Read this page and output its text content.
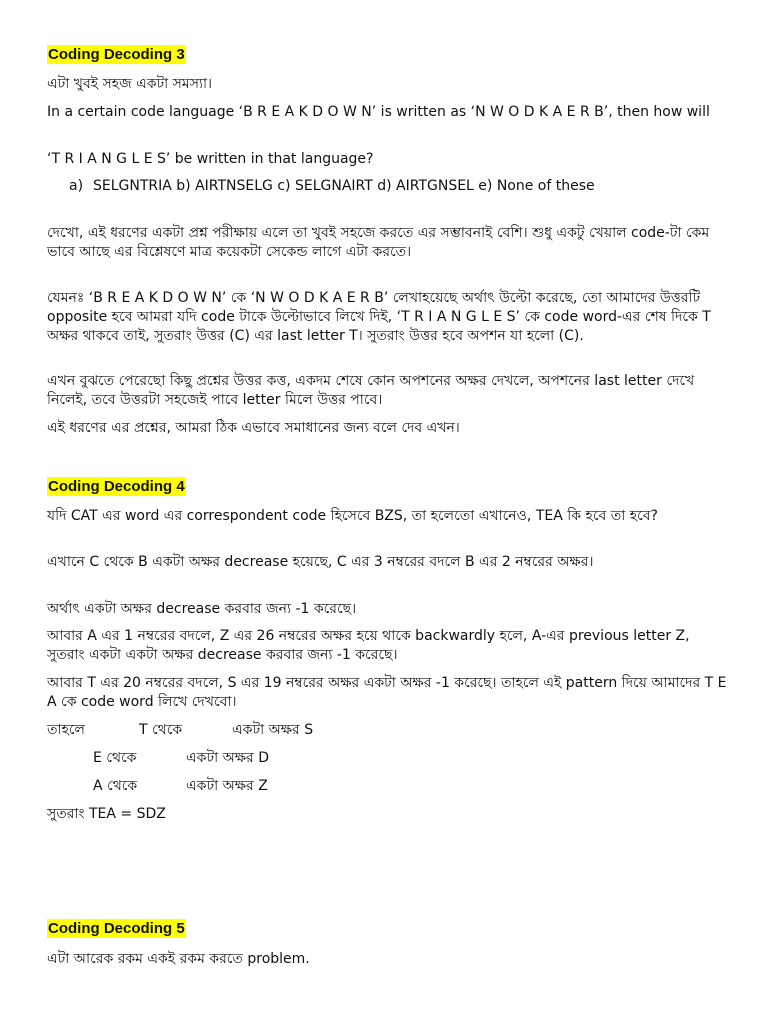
Coding Decoding 3

এটা খুবই সহজ একটা সমস্যা।

In a certain code language ‘B R E A K D O W N’ is written as ‘N W O D K A E R B’, then how will

‘T R I A N G L E S’ be written in that language?

a) SELGNTRIA b) AIRTNSELG c) SELGNAIRT d) AIRTGNSEL e) None of these

দেখো, এই ধরণের একটা প্রশ্ন পরীক্ষায় এলে তা খুবই সহজে করতে এর সম্ভাবনাই বেশি। শুধু একটু খেয়াল code-টা কেম ভাবে আছে এর বিশ্লেষণে মাত্র কয়েকটা সেকেন্ড লাগে এটা করতে।

যেমনঃ ‘B R E A K D O W N’ কে ‘N W O D K A E R B’ লেখাহয়েছে অর্থাৎ উল্টো করেছে, তো আমাদের উত্তরটি opposite হবে আমরা যদি code টাকে উল্টোভাবে লিখে দিই, ‘T R I A N G L E S’ কে code word-এর শেষ দিকে T অক্ষর থাকবে তাই, সুতরাং উত্তর (C) এর last letter T। সুতরাং উত্তর হবে অপশন যা হলো (C).

এখন বুঝতে পেরেছো কিছু প্রশ্নের উত্তর কত্ত, একদম শেষে কোন অপশনের অক্ষর দেখলে, অপশনের last letter দেখে নিলেই, তবে উত্তরটা সহজেই পাবে letter মিলে উত্তর পাবে।

এই ধরণের এর প্রশ্নের, আমরা ঠিক এভাবে সমাধানের জন্য বলে দেব এখন।

Coding Decoding 4

যদি CAT এর word এর correspondent code হিসেবে BZS, তা হলেতো এখানেও, TEA কি হবে তা হবে?

এখানে C থেকে B একটা অক্ষর decrease হয়েছে, C এর 3 নম্বরের বদলে B এর 2 নম্বরের অক্ষর।

অর্থাৎ একটা অক্ষর decrease করবার জন্য -1 করেছে।

আবার A এর 1 নম্বরের বদলে, Z এর 26 নম্বরের অক্ষর হয়ে থাকে backwardly হলে, A-এর previous letter Z, সুতরাং একটা একটা অক্ষর decrease করবার জন্য -1 করেছে।

আবার T এর 20 নম্বরের বদলে, S এর 19 নম্বরের অক্ষর একটা অক্ষর -1 করেছে। তাহলে এই pattern দিয়ে আমাদের T E A কে code word লিখে দেখবো।

তাহলে	T থেকে	একটা অক্ষর S
E থেকে	একটা অক্ষর D
A থেকে	একটা অক্ষর Z
সুতরাং TEA = SDZ
Coding Decoding 5

এটা আরেক রকম একই রকম করতে problem.
